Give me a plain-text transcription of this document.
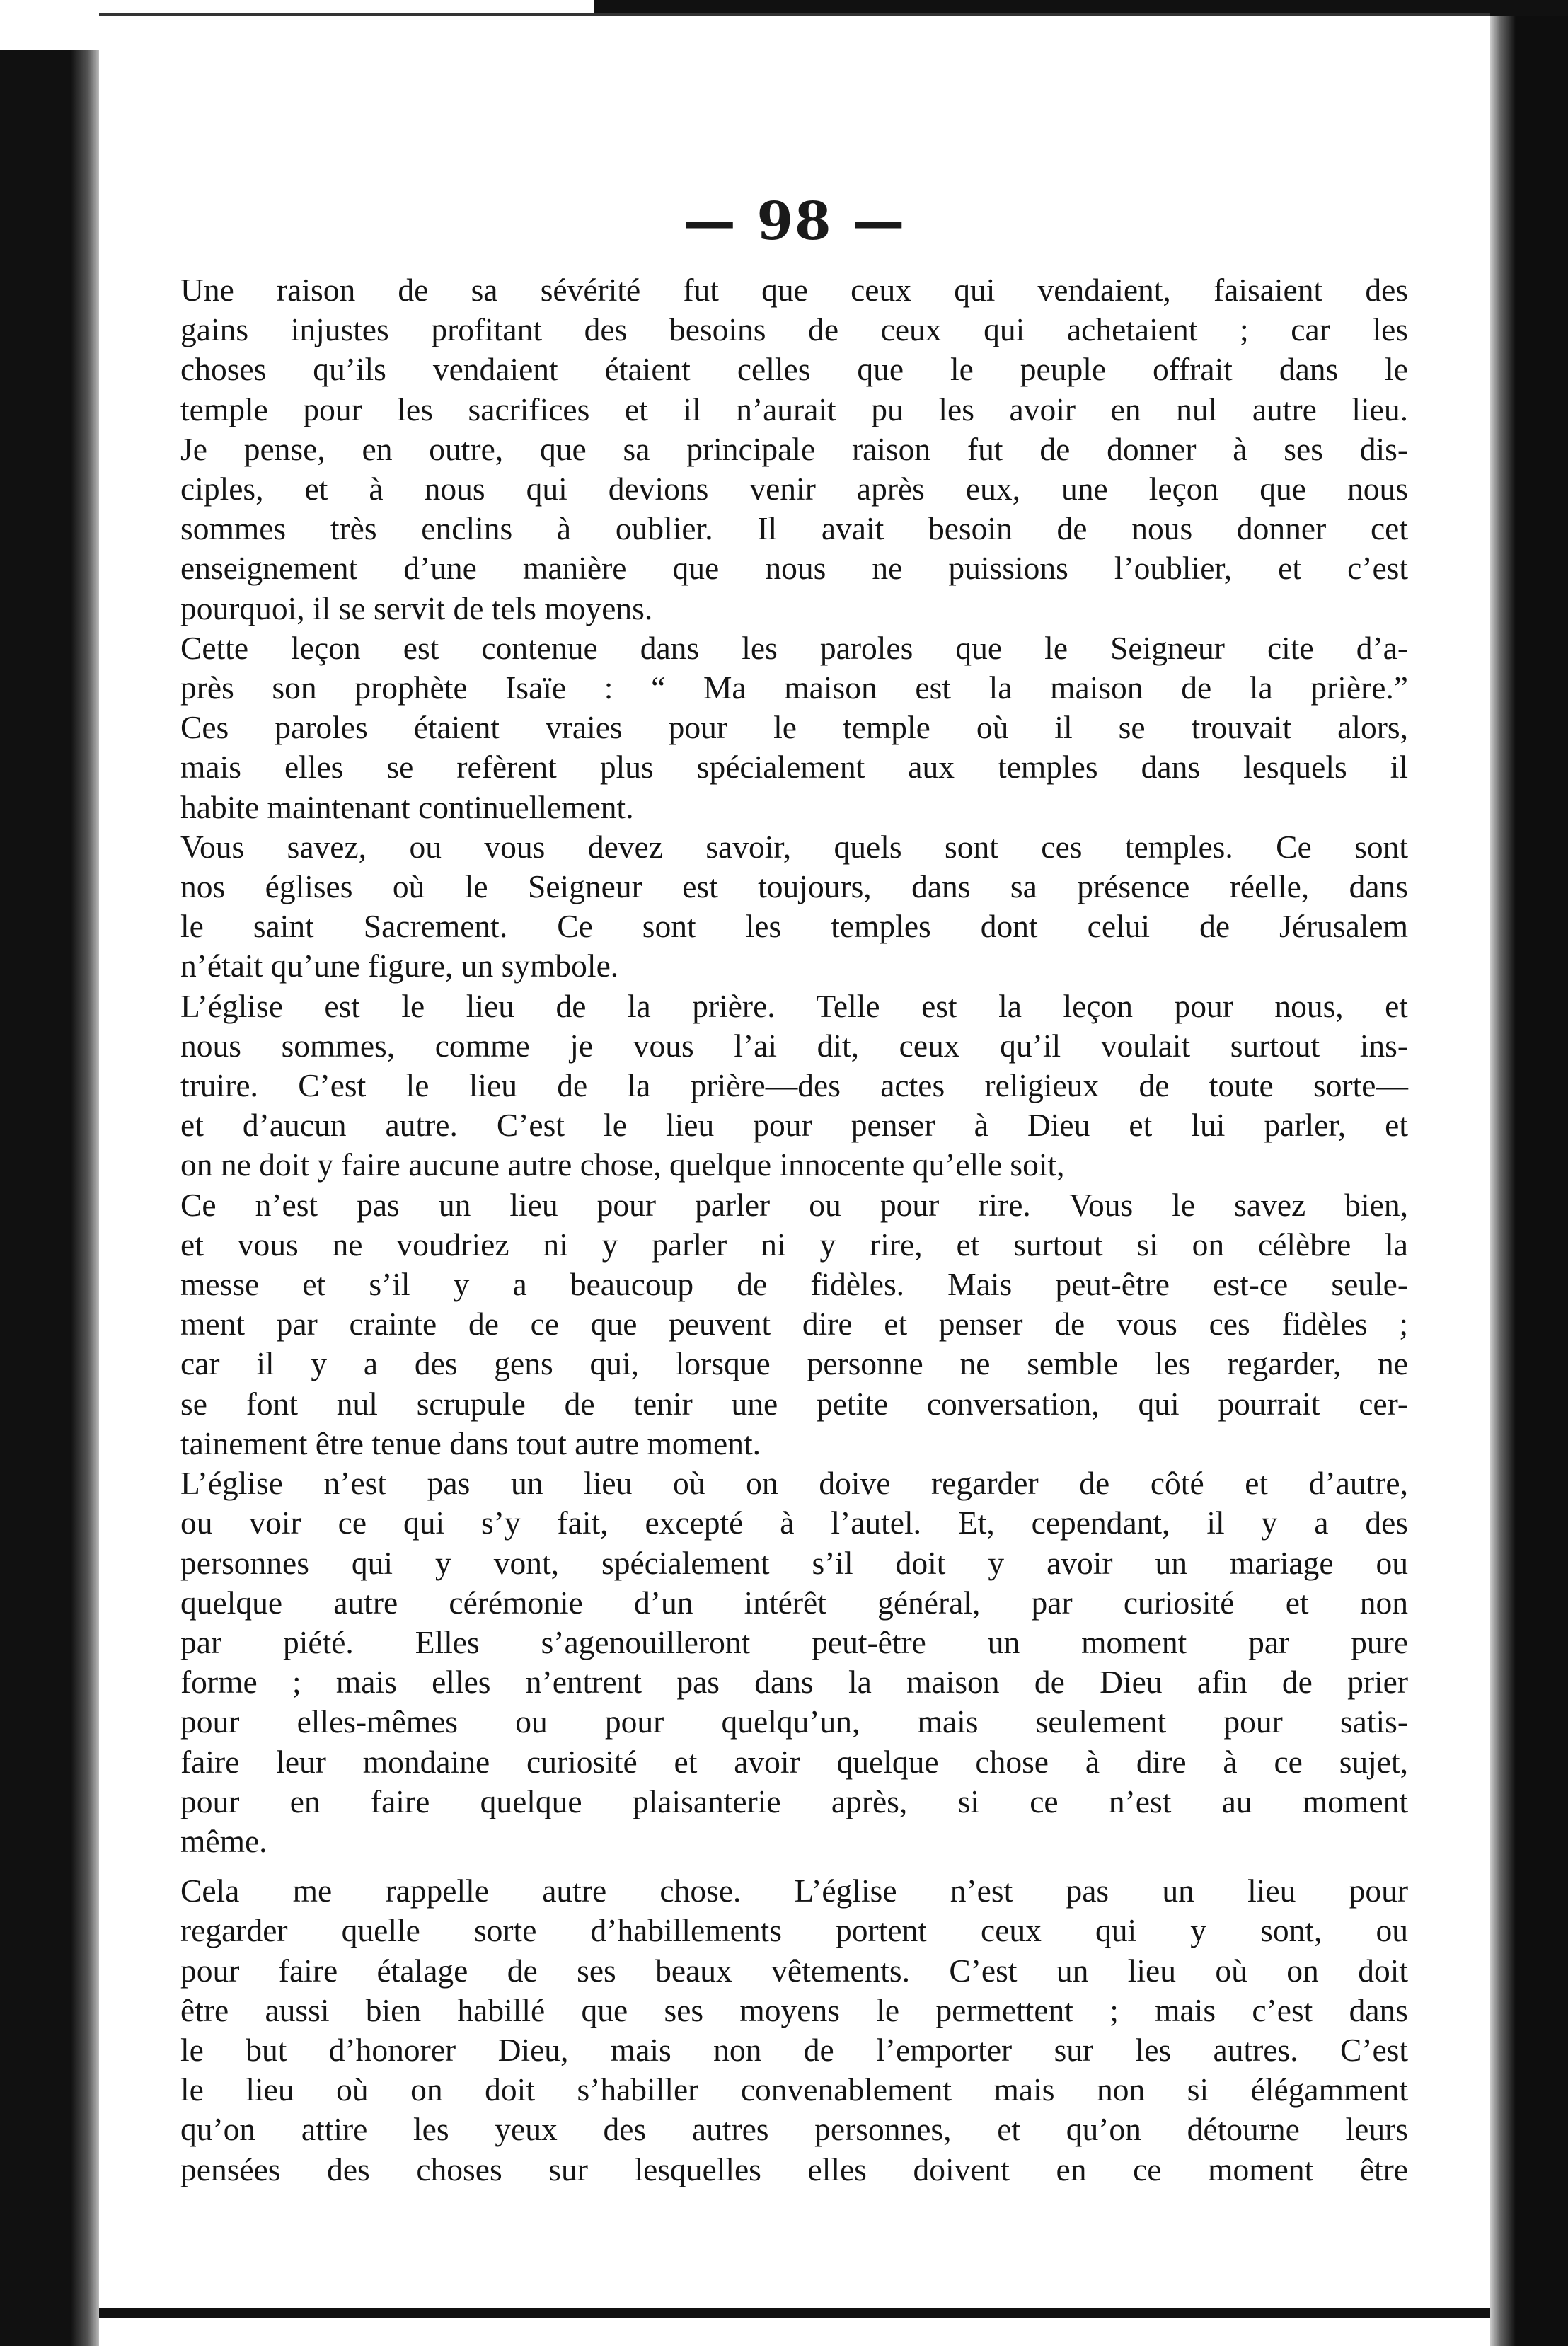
— 98 —

Une raison de sa sévérité fut que ceux qui vendaient, faisaient des
gains injustes profitant des besoins de ceux qui achetaient ; car les
choses qu’ils vendaient étaient celles que le peuple offrait dans le
temple pour les sacrifices et il n’aurait pu les avoir en nul autre lieu.
Je pense, en outre, que sa principale raison fut de donner à ses dis-
ciples, et à nous qui devions venir après eux, une leçon que nous
sommes très enclins à oublier. Il avait besoin de nous donner cet
enseignement d’une manière que nous ne puissions l’oublier, et c’est
pourquoi, il se servit de tels moyens.

Cette leçon est contenue dans les paroles que le Seigneur cite d’a-
près son prophète Isaïe : “ Ma maison est la maison de la prière.”
Ces paroles étaient vraies pour le temple où il se trouvait alors,
mais elles se refèrent plus spécialement aux temples dans lesquels il
habite maintenant continuellement.

Vous savez, ou vous devez savoir, quels sont ces temples. Ce sont
nos églises où le Seigneur est toujours, dans sa présence réelle, dans
le saint Sacrement. Ce sont les temples dont celui de Jérusalem
n’était qu’une figure, un symbole.

L’église est le lieu de la prière. Telle est la leçon pour nous, et
nous sommes, comme je vous l’ai dit, ceux qu’il voulait surtout ins-
truire. C’est le lieu de la prière—des actes religieux de toute sorte—
et d’aucun autre. C’est le lieu pour penser à Dieu et lui parler, et
on ne doit y faire aucune autre chose, quelque innocente qu’elle soit,

Ce n’est pas un lieu pour parler ou pour rire. Vous le savez bien,
et vous ne voudriez ni y parler ni y rire, et surtout si on célèbre la
messe et s’il y a beaucoup de fidèles. Mais peut-être est-ce seule-
ment par crainte de ce que peuvent dire et penser de vous ces fidèles ;
car il y a des gens qui, lorsque personne ne semble les regarder, ne
se font nul scrupule de tenir une petite conversation, qui pourrait cer-
tainement être tenue dans tout autre moment.

L’église n’est pas un lieu où on doive regarder de côté et d’autre,
ou voir ce qui s’y fait, excepté à l’autel. Et, cependant, il y a des
personnes qui y vont, spécialement s’il doit y avoir un mariage ou
quelque autre cérémonie d’un intérêt général, par curiosité et non
par piété. Elles s’agenouilleront peut-être un moment par pure
forme ; mais elles n’entrent pas dans la maison de Dieu afin de prier
pour elles-mêmes ou pour quelqu’un, mais seulement pour satis-
faire leur mondaine curiosité et avoir quelque chose à dire à ce sujet,
pour en faire quelque plaisanterie après, si ce n’est au moment
même.

Cela me rappelle autre chose. L’église n’est pas un lieu pour
regarder quelle sorte d’habillements portent ceux qui y sont, ou
pour faire étalage de ses beaux vêtements. C’est un lieu où on doit
être aussi bien habillé que ses moyens le permettent ; mais c’est dans
le but d’honorer Dieu, mais non de l’emporter sur les autres. C’est
le lieu où on doit s’habiller convenablement mais non si élégamment
qu’on attire les yeux des autres personnes, et qu’on détourne leurs
pensées des choses sur lesquelles elles doivent en ce moment être
